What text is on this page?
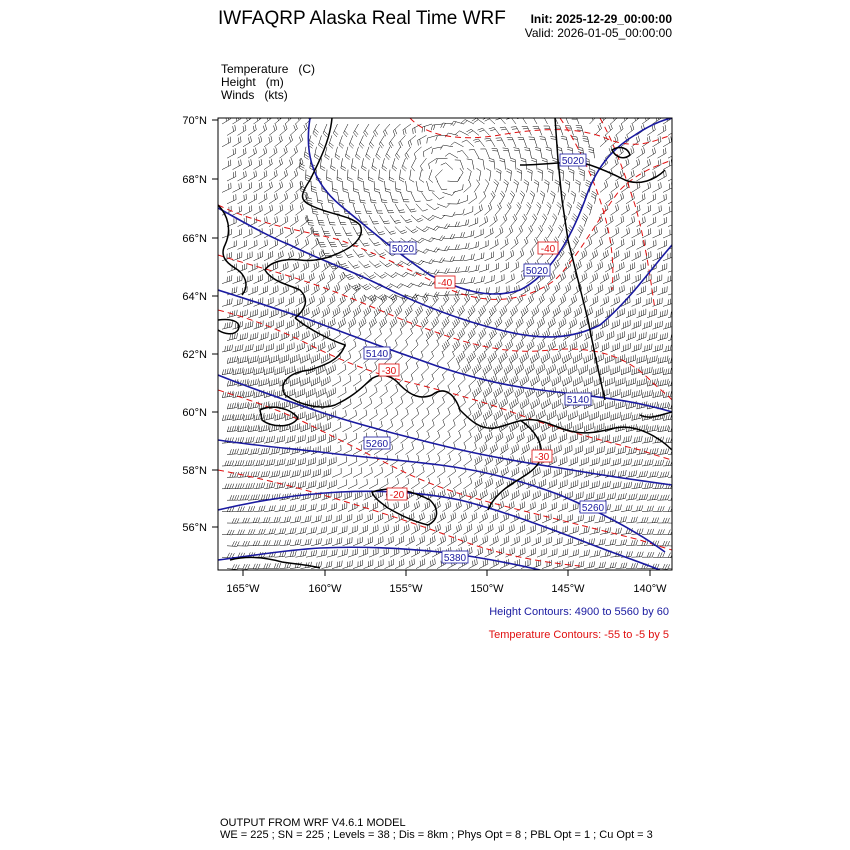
IWFAQRP Alaska Real Time WRF Init: 2025-12-29_00:00:00
Valid: 2026-01-05_00:00:00
Temperature (C)
Height (m)
Winds (kts)
5020
5020
5020
5140
5140
5260
5260
5380
-40
-40
-30
-30
-20
70°N
68°N
66°N
64°N
62°N
60°N
58°N
56°N
165°W	160°W	155°W	150°W	145°W	140°W
Height Contours: 4900 to 5560 by 60
Temperature Contours: -55 to -5 by 5
OUTPUT FROM WRF V4.6.1 MODEL
WE = 225 ; SN = 225 ; Levels = 38 ; Dis = 8km ; Phys Opt = 8 ; PBL Opt = 1 ; Cu Opt = 3
